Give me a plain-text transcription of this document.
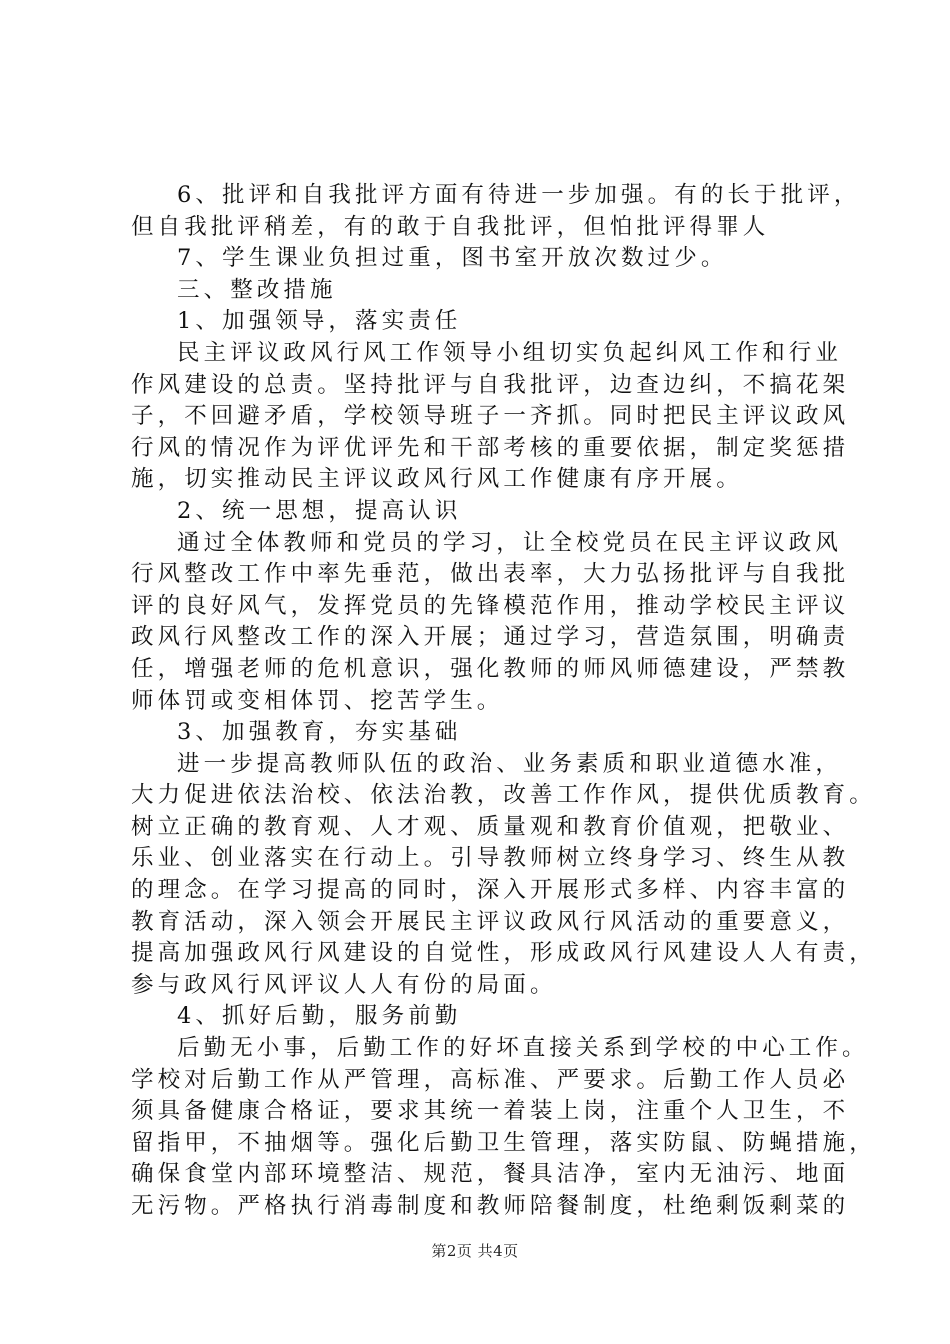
6、批评和自我批评方面有待进一步加强。有的长于批评，
但自我批评稍差，有的敢于自我批评，但怕批评得罪人
7、学生课业负担过重，图书室开放次数过少。
三、整改措施
1、加强领导，落实责任
民主评议政风行风工作领导小组切实负起纠风工作和行业
作风建设的总责。坚持批评与自我批评，边查边纠，不搞花架
子，不回避矛盾，学校领导班子一齐抓。同时把民主评议政风
行风的情况作为评优评先和干部考核的重要依据，制定奖惩措
施，切实推动民主评议政风行风工作健康有序开展。
2、统一思想，提高认识
通过全体教师和党员的学习，让全校党员在民主评议政风
行风整改工作中率先垂范，做出表率，大力弘扬批评与自我批
评的良好风气，发挥党员的先锋模范作用，推动学校民主评议
政风行风整改工作的深入开展；通过学习，营造氛围，明确责
任，增强老师的危机意识，强化教师的师风师德建设，严禁教
师体罚或变相体罚、挖苦学生。
3、加强教育，夯实基础
进一步提高教师队伍的政治、业务素质和职业道德水准，
大力促进依法治校、依法治教，改善工作作风，提供优质教育。
树立正确的教育观、人才观、质量观和教育价值观，把敬业、
乐业、创业落实在行动上。引导教师树立终身学习、终生从教
的理念。在学习提高的同时，深入开展形式多样、内容丰富的
教育活动，深入领会开展民主评议政风行风活动的重要意义，
提高加强政风行风建设的自觉性，形成政风行风建设人人有责，
参与政风行风评议人人有份的局面。
4、抓好后勤，服务前勤
后勤无小事，后勤工作的好坏直接关系到学校的中心工作。
学校对后勤工作从严管理，高标准、严要求。后勤工作人员必
须具备健康合格证，要求其统一着装上岗，注重个人卫生，不
留指甲，不抽烟等。强化后勤卫生管理，落实防鼠、防蝇措施，
确保食堂内部环境整洁、规范，餐具洁净，室内无油污、地面
无污物。严格执行消毒制度和教师陪餐制度，杜绝剩饭剩菜的
第2页 共4页
